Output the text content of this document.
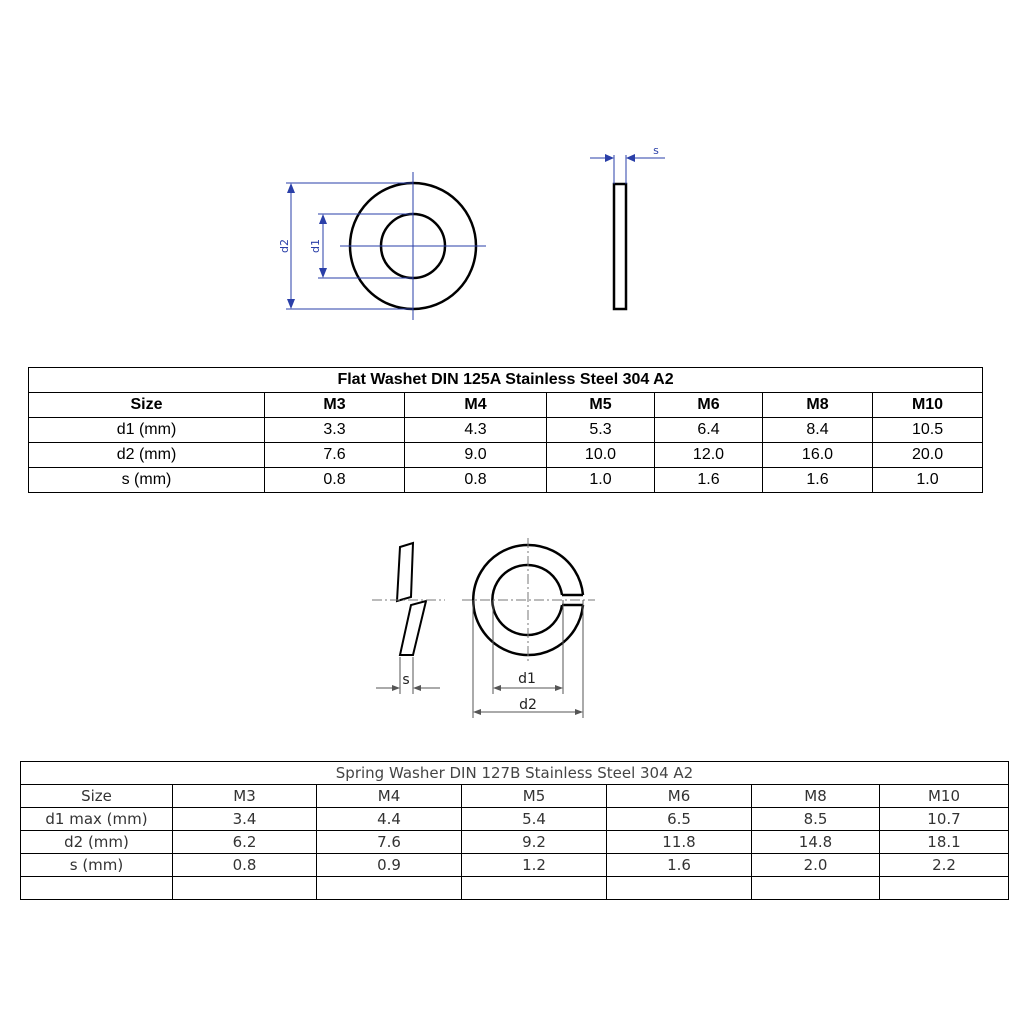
d2 d1
s
Flat Washet DIN 125A Stainless Steel 304 A2						
Size	M3	M4	M5	M6	M8	M10
d1 (mm)	3.3	4.3	5.3	6.4	8.4	10.5
d2 (mm)	7.6	9.0	10.0	12.0	16.0	20.0
s (mm)	0.8	0.8	1.0	1.6	1.6	1.0
s	d1
d2
Spring Washer DIN 127B Stainless Steel 304 A2						
Size	M3	M4	M5	M6	M8	M10
d1 max (mm)	3.4	4.4	5.4	6.5	8.5	10.7
d2 (mm)	6.2	7.6	9.2	11.8	14.8	18.1
s (mm)	0.8	0.9	1.2	1.6	2.0	2.2
